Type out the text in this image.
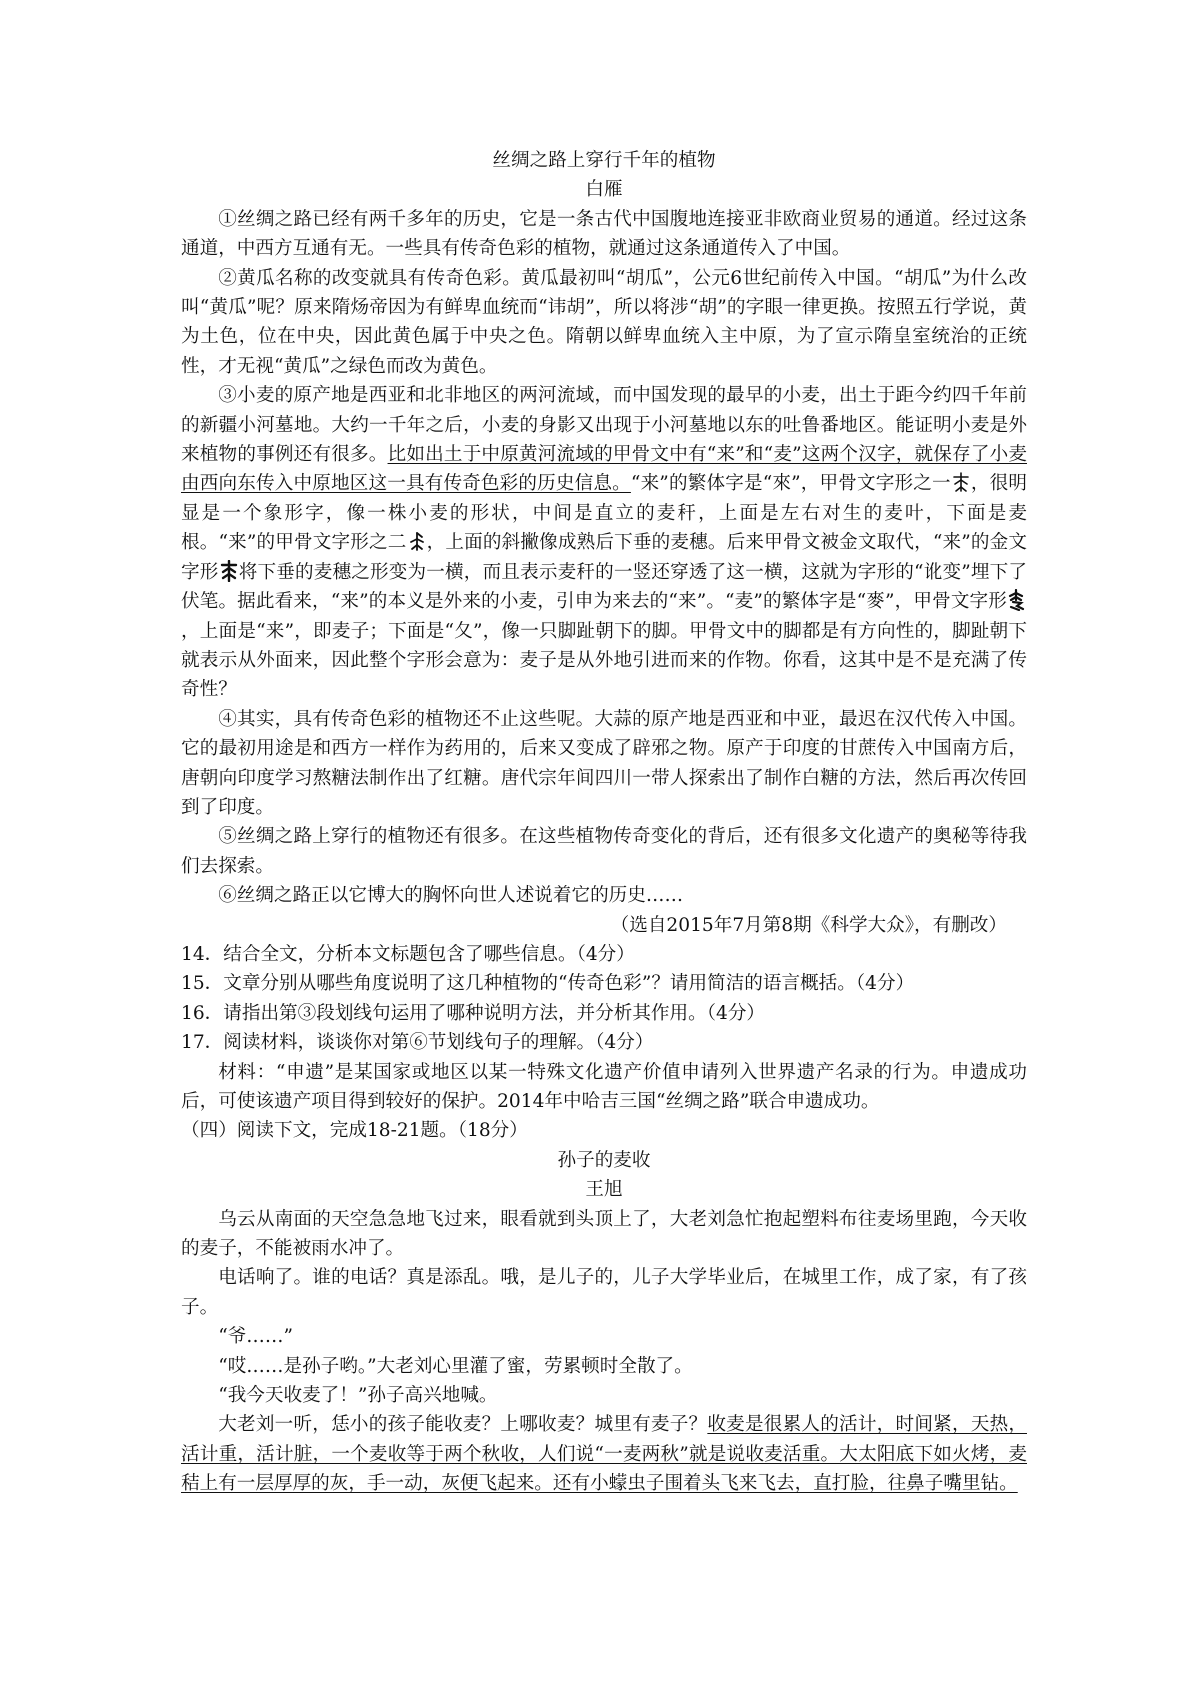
丝绸之路上穿行千年的植物
白雁

①丝绸之路已经有两千多年的历史，它是一条古代中国腹地连接亚非欧商业贸易的通道。经过这条通道，中西方互通有无。一些具有传奇色彩的植物，就通过这条通道传入了中国。

②黄瓜名称的改变就具有传奇色彩。黄瓜最初叫“胡瓜”，公元6世纪前传入中国。“胡瓜”为什么改叫“黄瓜”呢？原来隋炀帝因为有鲜卑血统而“讳胡”，所以将涉“胡”的字眼一律更换。按照五行学说，黄为土色，位在中央，因此黄色属于中央之色。隋朝以鲜卑血统入主中原，为了宣示隋皇室统治的正统性，才无视“黄瓜”之绿色而改为黄色。

③小麦的原产地是西亚和北非地区的两河流域，而中国发现的最早的小麦，出土于距今约四千年前的新疆小河墓地。大约一千年之后，小麦的身影又出现于小河墓地以东的吐鲁番地区。能证明小麦是外来植物的事例还有很多。比如出土于中原黄河流域的甲骨文中有“来”和“麦”这两个汉字，就保存了小麦由西向东传入中原地区这一具有传奇色彩的历史信息。“来”的繁体字是“來”，甲骨文字形之一 ，很明显是一个象形字，像一株小麦的形状，中间是直立的麦秆，上面是左右对生的麦叶，下面是麦根。“来”的甲骨文字形之二 ，上面的斜撇像成熟后下垂的麦穗。后来甲骨文被金文取代，“来”的金文字形 将下垂的麦穗之形变为一横，而且表示麦秆的一竖还穿透了这一横，这就为字形的“讹变”埋下了伏笔。据此看来，“来”的本义是外来的小麦，引申为来去的“来”。“麦”的繁体字是“麥”，甲骨文字形
，上面是“来”，即麦子；下面是“夂”，像一只脚趾朝下的脚。甲骨文中的脚都是有方向性的，脚趾朝下就表示从外面来，因此整个字形会意为：麦子是从外地引进而来的作物。你看，这其中是不是充满了传奇性？

④其实，具有传奇色彩的植物还不止这些呢。大蒜的原产地是西亚和中亚，最迟在汉代传入中国。它的最初用途是和西方一样作为药用的，后来又变成了辟邪之物。原产于印度的甘蔗传入中国南方后，唐朝向印度学习熬糖法制作出了红糖。唐代宗年间四川一带人探索出了制作白糖的方法，然后再次传回到了印度。

⑤丝绸之路上穿行的植物还有很多。在这些植物传奇变化的背后，还有很多文化遗产的奥秘等待我们去探索。

⑥丝绸之路正以它博大的胸怀向世人述说着它的历史……

（选自2015年7月第8期《科学大众》，有删改）

14．结合全文，分析本文标题包含了哪些信息。（4分）

15．文章分别从哪些角度说明了这几种植物的“传奇色彩”？请用简洁的语言概括。（4分）

16．请指出第③段划线句运用了哪种说明方法，并分析其作用。（4分）

17．阅读材料，谈谈你对第⑥节划线句子的理解。（4分）

材料：“申遗”是某国家或地区以某一特殊文化遗产价值申请列入世界遗产名录的行为。申遗成功后，可使该遗产项目得到较好的保护。2014年中哈吉三国“丝绸之路”联合申遗成功。

（四）阅读下文，完成18-21题。（18分）

孙子的麦收
王旭

乌云从南面的天空急急地飞过来，眼看就到头顶上了，大老刘急忙抱起塑料布往麦场里跑，今天收的麦子，不能被雨水冲了。

电话响了。谁的电话？真是添乱。哦，是儿子的，儿子大学毕业后，在城里工作，成了家，有了孩子。

“爷……”

“哎……是孙子哟。”大老刘心里灌了蜜，劳累顿时全散了。

“我今天收麦了！”孙子高兴地喊。

大老刘一听，恁小的孩子能收麦？上哪收麦？城里有麦子？收麦是很累人的活计，时间紧，天热，活计重，活计脏，一个麦收等于两个秋收，人们说“一麦两秋”就是说收麦活重。大太阳底下如火烤，麦秸上有一层厚厚的灰，手一动，灰便飞起来。还有小蠓虫子围着头飞来飞去，直打脸，往鼻子嘴里钻。
